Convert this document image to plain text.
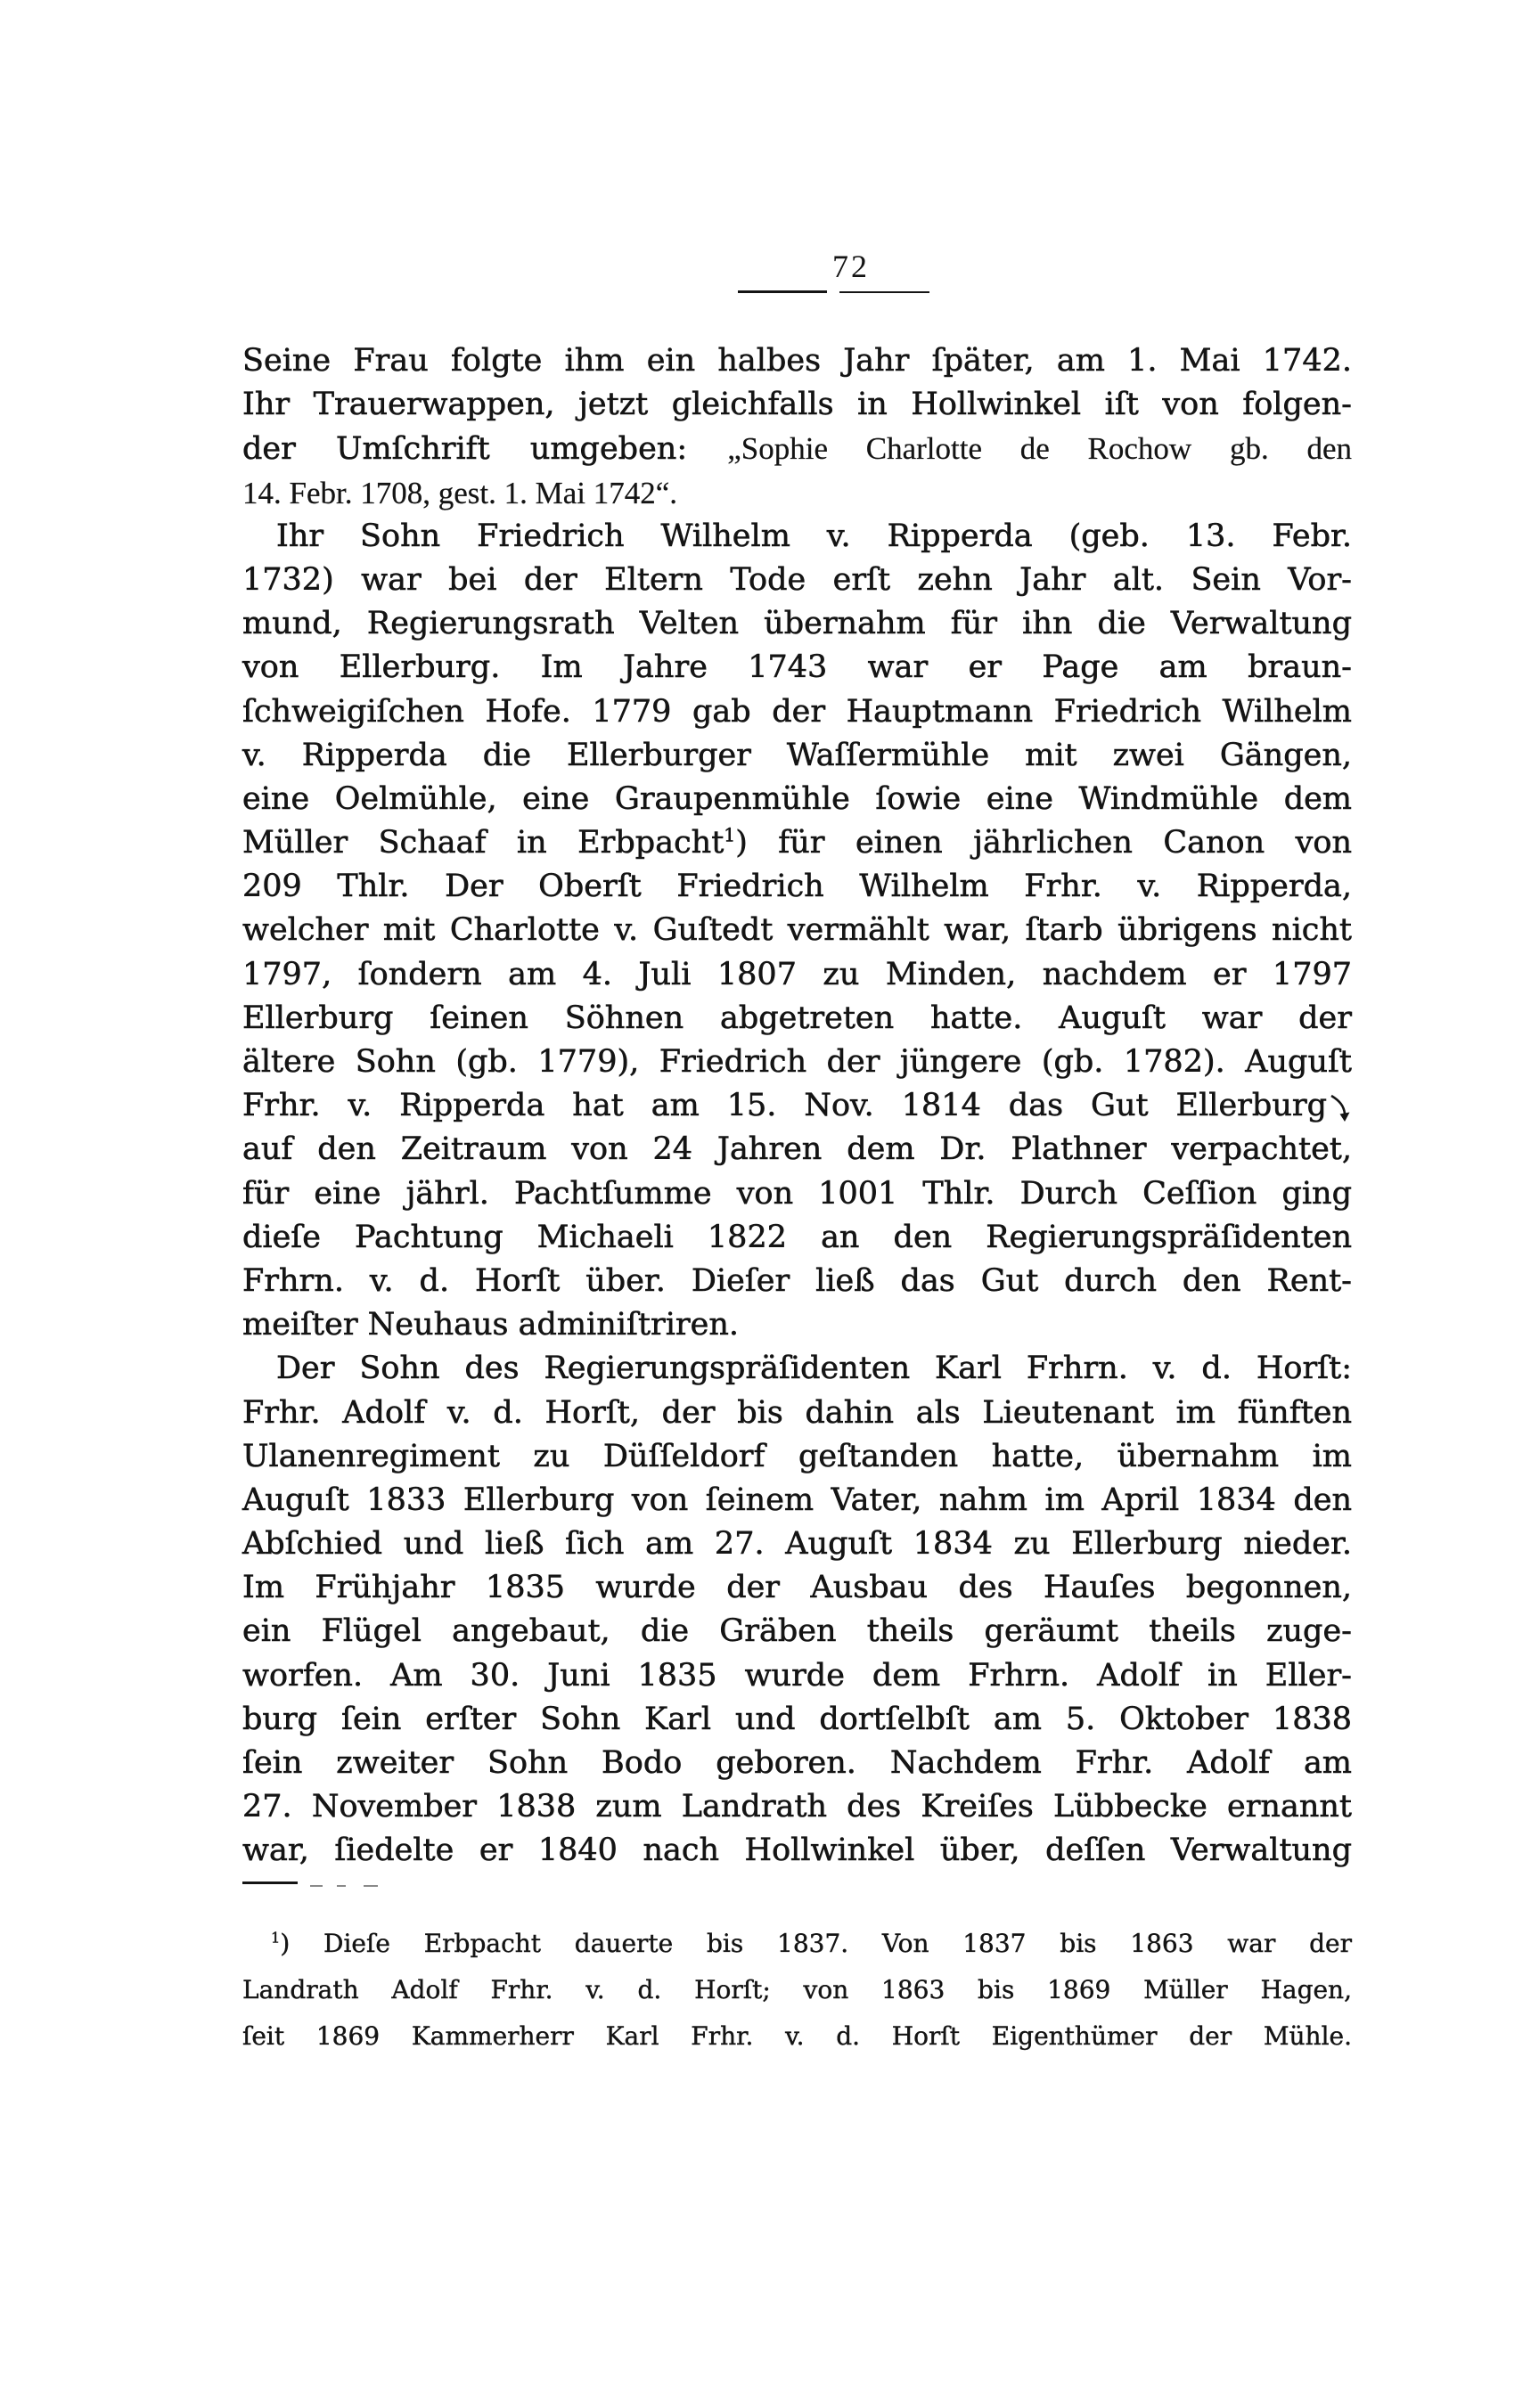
72
Seine Frau folgte ihm ein halbes Jahr ſpäter, am 1. Mai 1742.
Ihr Trauerwappen, jetzt gleichfalls in Hollwinkel iſt von folgen-
der Umſchrift umgeben: „Sophie Charlotte de Rochow gb. den
14. Febr. 1708, gest. 1. Mai 1742“.
Ihr Sohn Friedrich Wilhelm v. Ripperda (geb. 13. Febr.
1732) war bei der Eltern Tode erſt zehn Jahr alt. Sein Vor-
mund, Regierungsrath Velten übernahm für ihn die Verwaltung
von Ellerburg. Im Jahre 1743 war er Page am braun-
ſchweigiſchen Hofe. 1779 gab der Hauptmann Friedrich Wilhelm
v. Ripperda die Ellerburger Waſſermühle mit zwei Gängen,
eine Oelmühle, eine Graupenmühle ſowie eine Windmühle dem
Müller Schaaf in Erbpacht$^1$) für einen jährlichen Canon von
209 Thlr. Der Oberſt Friedrich Wilhelm Frhr. v. Ripperda,
welcher mit Charlotte v. Guſtedt vermählt war, ſtarb übrigens nicht
1797, ſondern am 4. Juli 1807 zu Minden, nachdem er 1797
Ellerburg ſeinen Söhnen abgetreten hatte. Auguſt war der
ältere Sohn (gb. 1779), Friedrich der jüngere (gb. 1782). Auguſt
Frhr. v. Ripperda hat am 15. Nov. 1814 das Gut Ellerburg
auf den Zeitraum von 24 Jahren dem Dr. Plathner verpachtet,
für eine jährl. Pachtſumme von 1001 Thlr. Durch Ceſſion ging
dieſe Pachtung Michaeli 1822 an den Regierungspräſidenten
Frhrn. v. d. Horſt über. Dieſer ließ das Gut durch den Rent-
meiſter Neuhaus adminiſtriren.
Der Sohn des Regierungspräſidenten Karl Frhrn. v. d. Horſt:
Frhr. Adolf v. d. Horſt, der bis dahin als Lieutenant im fünften
Ulanenregiment zu Düſſeldorf geſtanden hatte, übernahm im
Auguſt 1833 Ellerburg von ſeinem Vater, nahm im April 1834 den
Abſchied und ließ ſich am 27. Auguſt 1834 zu Ellerburg nieder.
Im Frühjahr 1835 wurde der Ausbau des Hauſes begonnen,
ein Flügel angebaut, die Gräben theils geräumt theils zuge-
worfen. Am 30. Juni 1835 wurde dem Frhrn. Adolf in Eller-
burg ſein erſter Sohn Karl und dortſelbſt am 5. Oktober 1838
ſein zweiter Sohn Bodo geboren. Nachdem Frhr. Adolf am
27. November 1838 zum Landrath des Kreiſes Lübbecke ernannt
war, ſiedelte er 1840 nach Hollwinkel über, deſſen Verwaltung
$^1$) Dieſe Erbpacht dauerte bis 1837. Von 1837 bis 1863 war der
Landrath Adolf Frhr. v. d. Horſt; von 1863 bis 1869 Müller Hagen,
ſeit 1869 Kammerherr Karl Frhr. v. d. Horſt Eigenthümer der Mühle.
